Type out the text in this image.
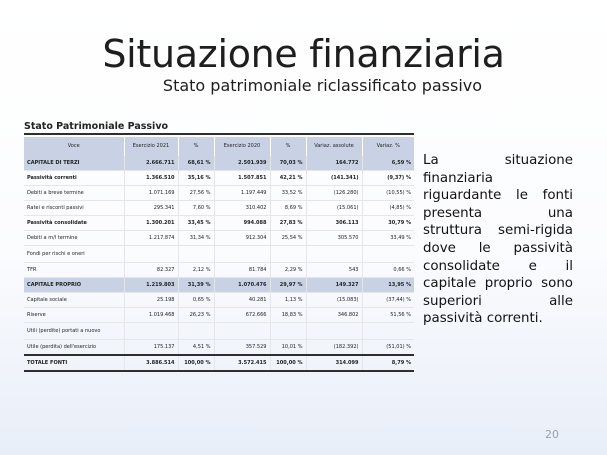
Situazione finanziaria
Stato patrimoniale riclassificato passivo
Stato Patrimoniale Passivo
Voce	Esercizio 2021	%	Esercizio 2020	%	Variaz. assolute	Variaz. %
CAPITALE DI TERZI	2.666.711	68,61 %	2.501.939	70,03 %	164.772	6,59 %
Passività correnti	1.366.510	35,16 %	1.507.851	42,21 %	(141.341)	(9,37) %
Debiti a breve termine	1.071.169	27,56 %	1.197.449	33,52 %	(126.280)	(10,55) %
Ratei e risconti passivi	295.341	7,60 %	310.402	8,69 %	(15.061)	(4,85) %
Passività consolidate	1.300.201	33,45 %	994.088	27,83 %	306.113	30,79 %
Debiti a m/l termine	1.217.874	31,34 %	912.304	25,54 %	305.570	33,49 %
Fondi per rischi e oneri						
TFR	82.327	2,12 %	81.784	2,29 %	543	0,66 %
CAPITALE PROPRIO	1.219.803	31,39 %	1.070.476	29,97 %	149.327	13,95 %
Capitale sociale	25.198	0,65 %	40.281	1,13 %	(15.083)	(37,44) %
Riserve	1.019.468	26,23 %	672.666	18,83 %	346.802	51,56 %
Utili (perdite) portati a nuovo						
Utile (perdita) dell'esercizio	175.137	4,51 %	357.529	10,01 %	(182.392)	(51,01) %
TOTALE FONTI	3.886.514	100,00 %	3.572.415	100,00 %	314.099	8,79 %
La situazione finanziaria riguardante le fonti presenta una struttura semi-rigida dove le passività consolidate e il capitale proprio sono superiori alle passività correnti.
20
